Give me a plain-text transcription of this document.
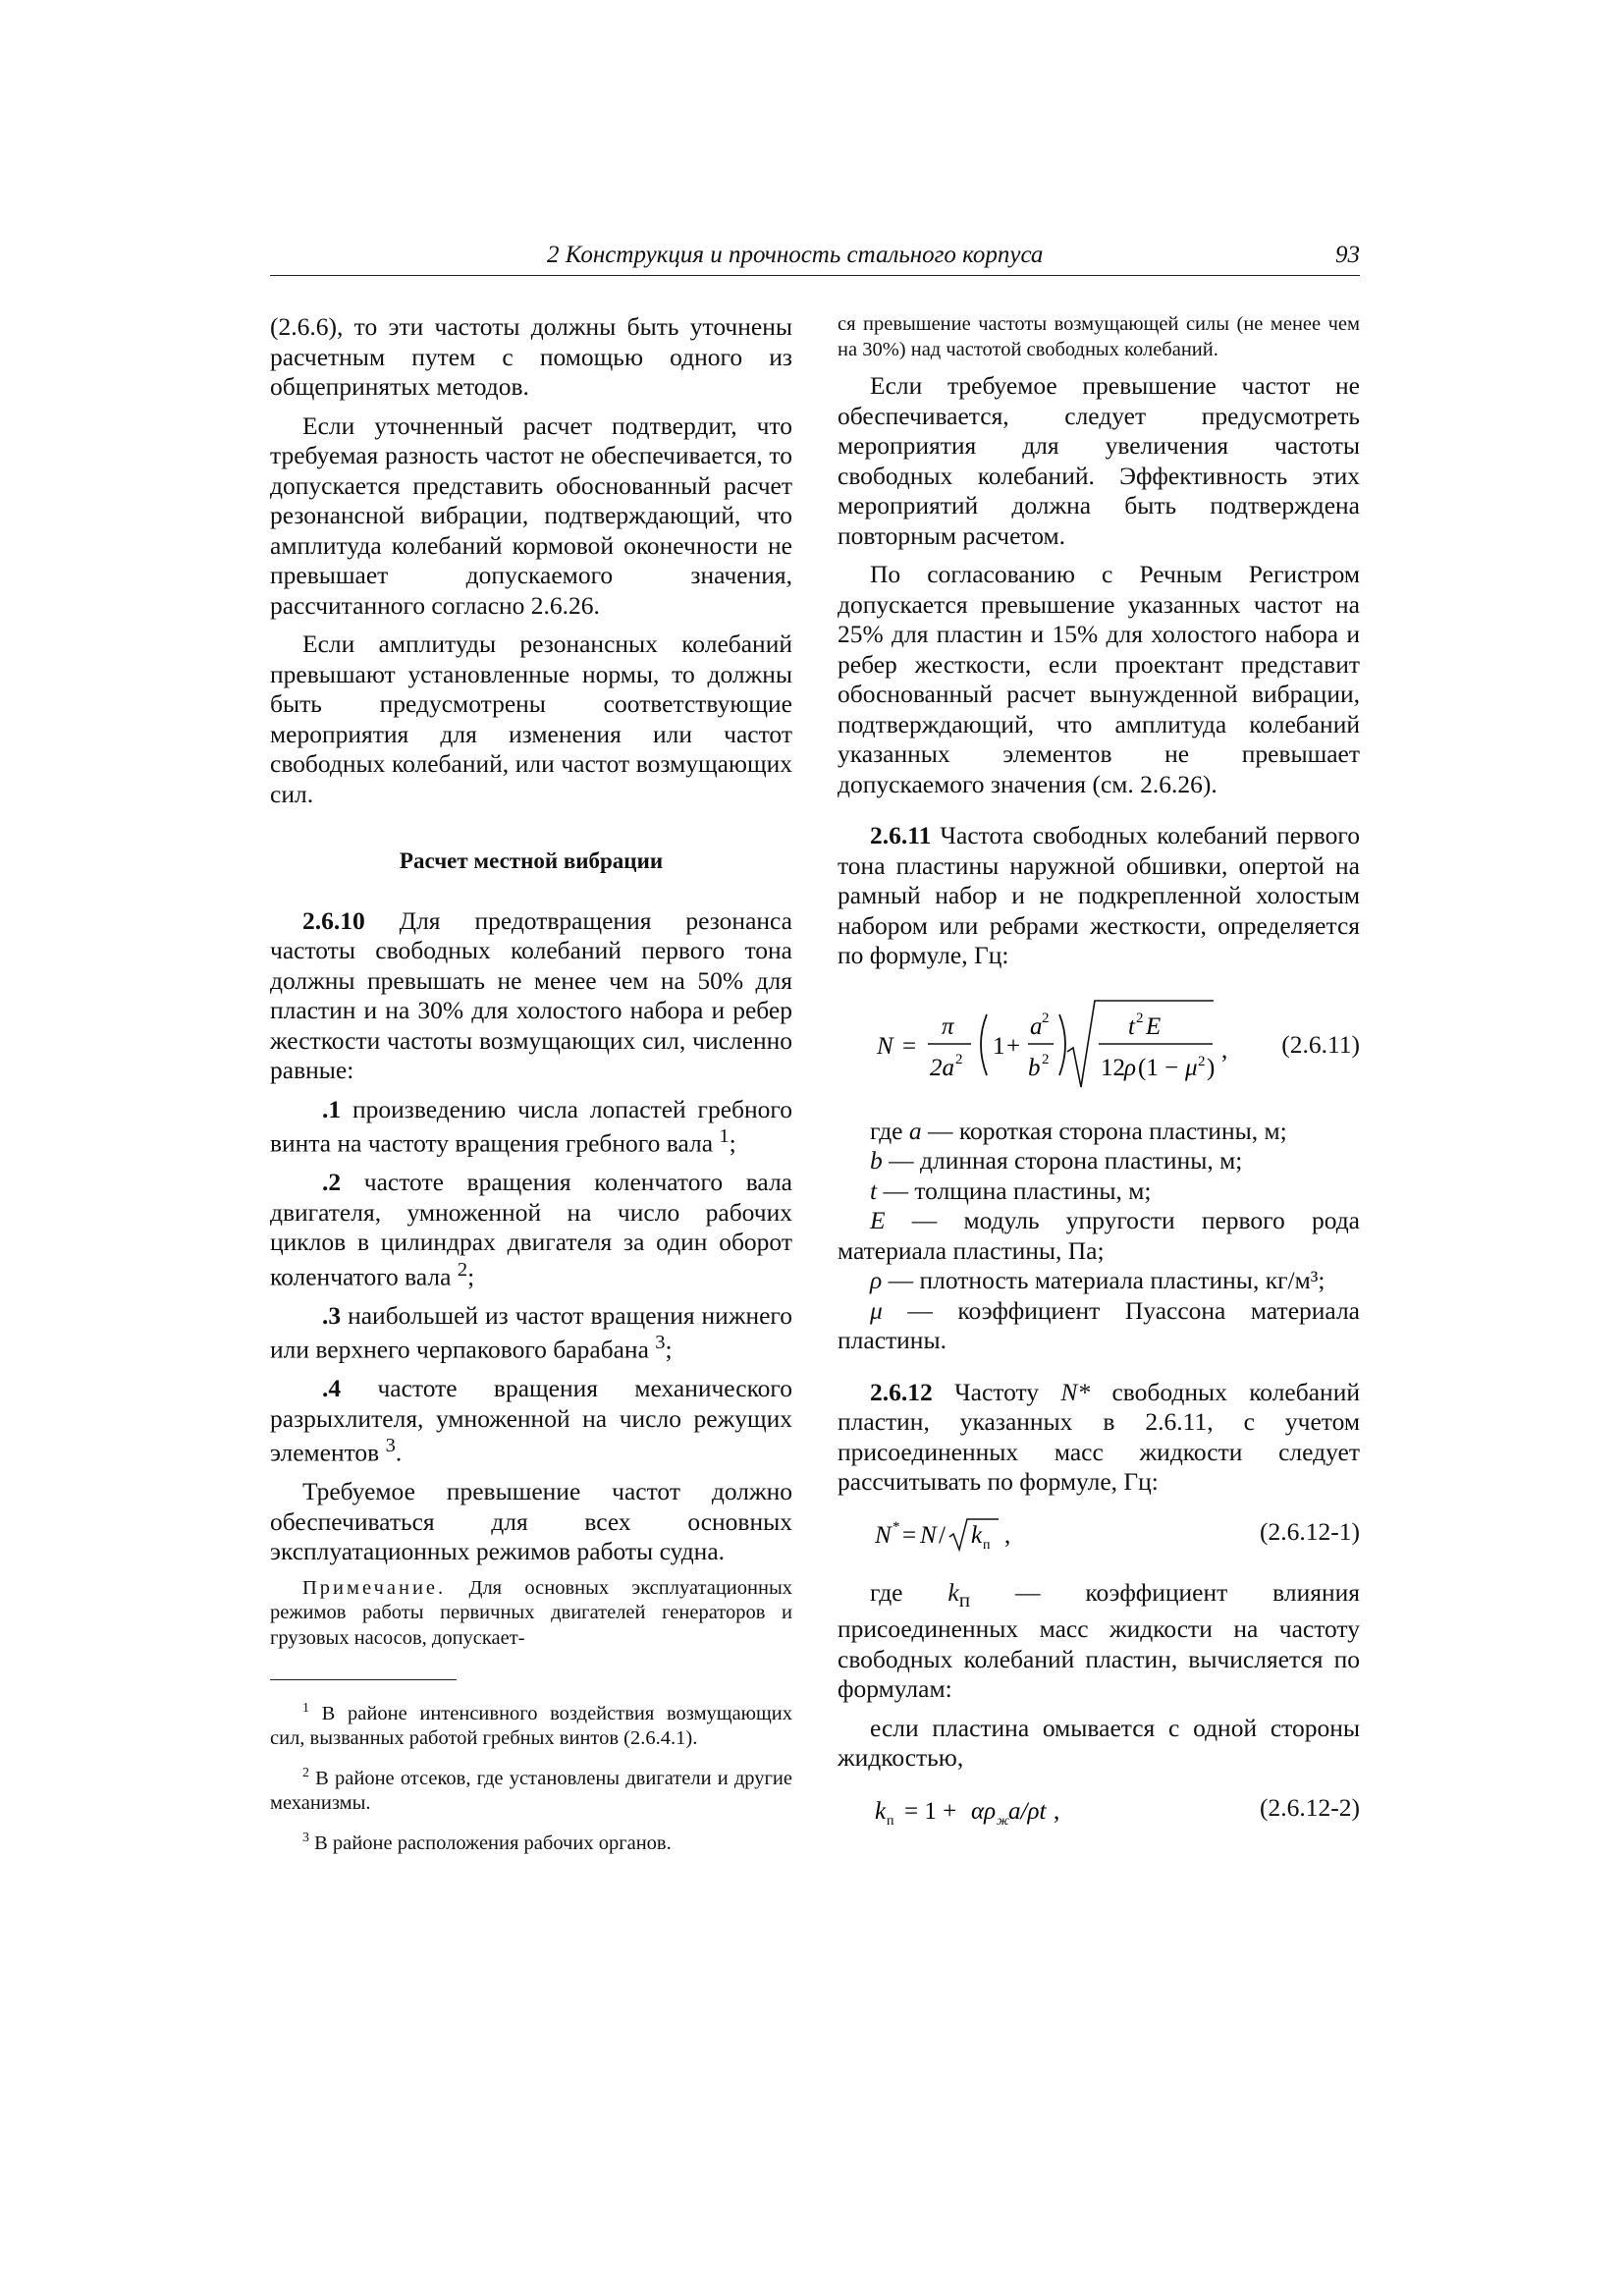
2 Конструкция и прочность стального корпуса	93

(2.6.6), то эти частоты должны быть уточнены расчетным путем с помощью одного из общепринятых методов.

Если уточненный расчет подтвердит, что требуемая разность частот не обеспечивается, то допускается представить обоснованный расчет резонансной вибрации, подтверждающий, что амплитуда колебаний кормовой оконечности не превышает допускаемого значения, рассчитанного согласно 2.6.26.

Если амплитуды резонансных колебаний превышают установленные нормы, то должны быть предусмотрены соответствующие мероприятия для изменения или частот свободных колебаний, или частот возмущающих сил.

Расчет местной вибрации

2.6.10 Для предотвращения резонанса частоты свободных колебаний первого тона должны превышать не менее чем на 50% для пластин и на 30% для холостого набора и ребер жесткости частоты возмущающих сил, численно равные:

.1 произведению числа лопастей гребного винта на частоту вращения гребного вала $^1$;

.2 частоте вращения коленчатого вала двигателя, умноженной на число рабочих циклов в цилиндрах двигателя за один оборот коленчатого вала $^2$;

.3 наибольшей из частот вращения нижнего или верхнего черпакового барабана $^3$;

.4 частоте вращения механического разрыхлителя, умноженной на число режущих элементов $^3$.

Требуемое превышение частот должно обеспечиваться для всех основных эксплуатационных режимов работы судна.

Примечание. Для основных эксплуатационных режимов работы первичных двигателей генераторов и грузовых насосов, допускает-

$^1$ В районе интенсивного воздействия возмущающих сил, вызванных работой гребных винтов (2.6.4.1).

$^2$ В районе отсеков, где установлены двигатели и другие механизмы.

$^3$ В районе расположения рабочих органов.

ся превышение частоты возмущающей силы (не менее чем на 30%) над частотой свободных колебаний.

Если требуемое превышение частот не обеспечивается, следует предусмотреть мероприятия для увеличения частоты свободных колебаний. Эффективность этих мероприятий должна быть подтверждена повторным расчетом.

По согласованию с Речным Регистром допускается превышение указанных частот на 25% для пластин и 15% для холостого набора и ребер жесткости, если проектант представит обоснованный расчет вынужденной вибрации, подтверждающий, что амплитуда колебаний указанных элементов не превышает допускаемого значения (см. 2.6.26).

2.6.11 Частота свободных колебаний первого тона пластины наружной обшивки, опертой на рамный набор и не подкрепленной холостым набором или ребрами жесткости, определяется по формуле, Гц:

N =
π
2a 2 1 +
a 2
b 2
t 2 E
12 ρ (1 − μ 2 )
, (2.6.11)

где a — короткая сторона пластины, м;

b — длинная сторона пластины, м;

t — толщина пластины, м;

E — модуль упругости первого рода материала пластины, Па;

ρ — плотность материала пластины, кг/м³;

μ — коэффициент Пуассона материала пластины.

2.6.12 Частоту N* свободных колебаний пластин, указанных в 2.6.11, с учетом присоединенных масс жидкости следует рассчитывать по формуле, Гц:

N * = N / k п ,	(2.6.12-1)

где $k_п$ — коэффициент влияния присоединенных масс жидкости на частоту свободных колебаний пластин, вычисляется по формулам:

если пластина омывается с одной стороны жидкостью,

k п = 1 + αρ ж
a/ρt ,	(2.6.12-2)
